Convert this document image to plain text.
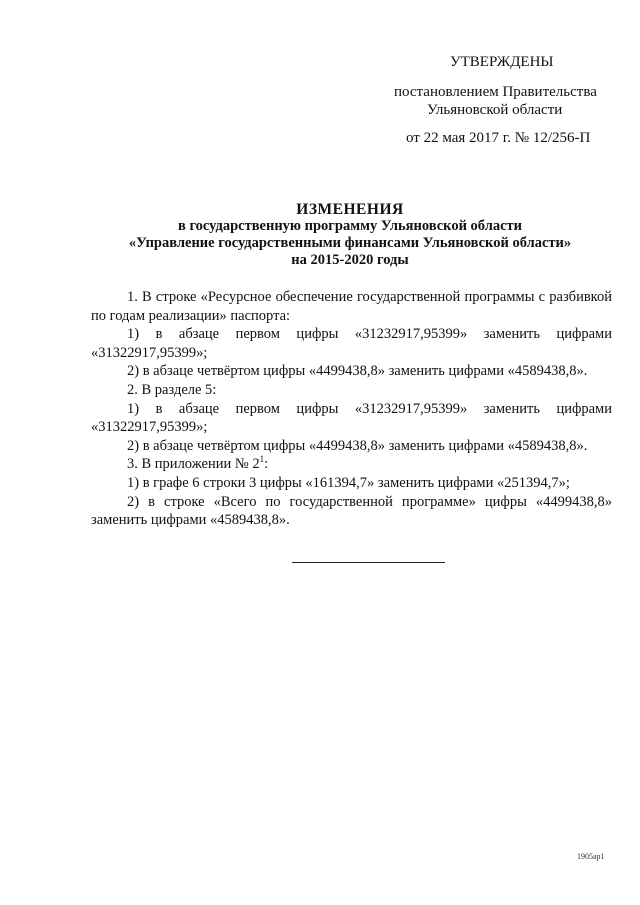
УТВЕРЖДЕНЫ
постановлением Правительства
Ульяновской области
от 22 мая 2017 г. № 12/256-П
ИЗМЕНЕНИЯ
в государственную программу Ульяновской области
«Управление государственными финансами Ульяновской области»
на 2015-2020 годы

1. В строке «Ресурсное обеспечение государственной программы с разбивкой по годам реализации» паспорта:

1) в абзаце первом цифры «31232917,95399» заменить цифрами «31322917,95399»;

2) в абзаце четвёртом цифры «4499438,8» заменить цифрами «4589438,8».

2. В разделе 5:

1) в абзаце первом цифры «31232917,95399» заменить цифрами «31322917,95399»;

2) в абзаце четвёртом цифры «4499438,8» заменить цифрами «4589438,8».

3. В приложении № $2^1$:

1) в графе 6 строки 3 цифры «161394,7» заменить цифрами «251394,7»;

2) в строке «Всего по государственной программе» цифры «4499438,8» заменить цифрами «4589438,8».

1905ap1
